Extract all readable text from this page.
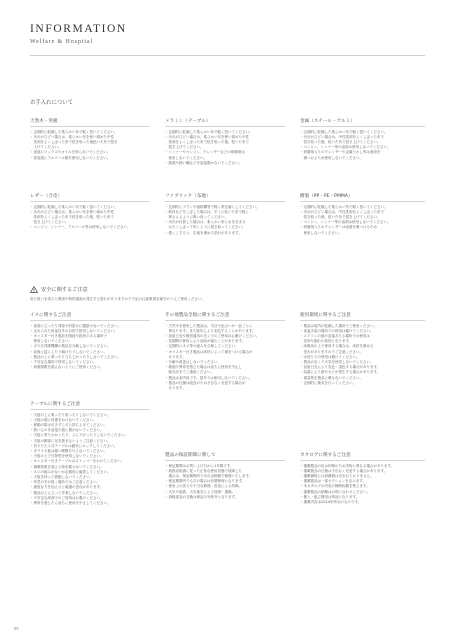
INFORMATION
Welfare & Hospital
お手入れについて
天然木・突板
・定期的に乾燥した柔らかい布で軽く拭いてください。
・汚れがひどい場合は、柔らかい布を使い薄めた中性
　洗剤をよくしぼった布で拭き取った後乾いた布で拭き
　上げてください。
・表面にワックスやオイルを塗らないでください。
・塗装面にアルコール類を使用しないでください。
メラミン（テーブル）
・定期的に乾燥した柔らかい布で軽く拭いてください。
・汚れがひどい場合は、柔らかい布を使い薄めた中性
　洗剤をよくしぼった布で拭き取った後、乾いた布で
　拭き上げてください。
・シンナーやベンジン、クレンザーなどの研磨剤は
　使用しないでください。
・熱湯や熱い鍋などを直接置かないでください。
金属（スチール・アルミ）
・定期的に乾燥した柔らかい布で軽く拭いてください。
・汚れがひどい場合は、中性洗剤をよくしぼった布で
　拭き取った後、乾いた布で拭き上げてください。
・ベンジン、シンナー等の溶剤は使用しないでください。
・研磨剤入りのクレンザーや金属たわし等は表面を
　傷つけるため使用しないでください。
レザー（合皮）
・定期的に乾燥した柔らかい布で軽く拭いてください。
・汚れがひどい場合は、柔らかい布を使い薄めた中性
　洗剤をよくしぼった布で拭き取った後、乾いた布で
　拭き上げてください。
・ベンジン、シンナー、アルコール等は使用しないでください。
ファブリック（布地）
・定期的にブラシや掃除機等で軽く埃を落としてください。
・飲料などをこぼした場合は、すぐに乾いた布で軽く
　押さえるように吸い取ってください。
・汚れが付着した場合は、柔らかい布に水を含ませ
　かたくしぼって叩くように拭き取ってください。
・強くこすると、生地を傷める恐れがあります。
樹脂（PP・PE・PMMA）
・定期的に乾燥した柔らかい布で軽く拭いてください。
・汚れがひどい場合は、中性洗剤をよくしぼった布で
　拭き取った後、乾いた布で拭き上げてください。
・ベンジン、シンナー等の溶剤は使用しないでください。
・研磨剤入りのクレンザーは表面を傷つけるため
　使用しないでください。
安全に関するご注意
取り扱いを誤ると傷害や物的損害が発生する恐れがありますので下記の注意事項を厳守のうえご使用ください。
イスに関するご注意
・座面に立ったり背座や肘掛けに腰掛けないでください。
・定められた用途以外の目的で使用しないでください。
・キャスター付き製品を階段や段差のある場所で
　使用しないでください。
・ガス圧昇降機構の製品を分解しないでください。
・前後に揺らしたり傾けたりしないでください。
・製品の上に乗ったり立ち上がったりしないでください。
・不安定な場所で使用しないでください。
・荷重制限を超えないようにご使用ください。
その他製品全般に関するご注意
・天然木を使用した製品は、木目や色合いが一品ごとに
　異なります。また経年により変色することがあります。
・直射日光や暖房器具の近くでのご使用はお避けください。
・長期間の使用により部品が緩むことがあります。
・定期的にネジ等の緩みを点検してください。
・キャスター付き製品は床材によって傷をつける場合が
　あります。
・分解や改造はしないでください。
・破損や異常を感じた場合は直ちに使用を中止し
　販売店までご連絡ください。
・製品は室内用です。屋外では使用しないでください。
・製品の仕様は改良のため予告なく変更する場合が
　あります。
使用環境に関するご注意
・製品は屋内の乾燥した場所でご使用ください。
・高温多湿の場所での使用は避けてください。
・エアコンの風が直接あたる場所での使用は
　変形や割れの原因となります。
・床暖房の上で使用する場合は、床材を傷める
　恐れがありますのでご注意ください。
・水回りでの使用は避けてください。
・製品の近くで火気を使用しないでください。
・直射日光により変色・退色する場合があります。
・結露により錆やカビが発生する場合があります。
・重量物を製品に載せないでください。
・定期的に換気を行ってください。
テーブルに関するご注意
・天板の上に乗ったり座ったりしないでください。
・天板の端に体重をかけないでください。
・移動の際は引きずらずに持ち上げてください。
・熱いものを直接天板に置かないでください。
・天板に寄りかかったり、ぶら下がったりしないでください。
・天板の脚部に足を挟まないようご注意ください。
・折りたたみ式テーブルは確実にロックしてください。
・ガラス天板は強い衝撃を与えないでください。
・天板の上で刃物等を使用しないでください。
・キャスター付きテーブルはストッパーをかけてください。
・積載荷重を超える物を載せないでください。
・ネジの緩みがないか定期的に確認してください。
・天板を持って移動しないでください。
・幼児の手が届く場所ではご注意ください。
・過度な力を加えると破損の恐れがあります。
・製品の上に立って作業しないでください。
・不安定な床面でのご使用はお避けください。
・異常を感じたら直ちに使用を中止してください。
製品の保証期間に関して
・保証期間はお買い上げ日から1年間です。
・取扱説明書に従った正常な使用状態で故障した
　場合は、保証期間内であれば無償で修理いたします。
・保証期間内でも次の場合は有償修理となります。
・使用上の誤りや不当な修理・改造による故障。
・火災や地震、天災地変による故障・損傷。
・消耗部品の交換は保証の対象外となります。
カタログに関するご注意
・掲載製品の色は印刷のため実物と異なる場合があります。
・掲載製品の仕様は予告なく変更する場合があります。
・掲載価格には消費税は含まれておりません。
・掲載製品は一部オプションを含みます。
・本カタログの内容の無断転載を禁じます。
・掲載製品の納期はお問い合わせください。
・搬入・組立費用は別途となります。
・掲載内容は2024年時点のものです。
55
